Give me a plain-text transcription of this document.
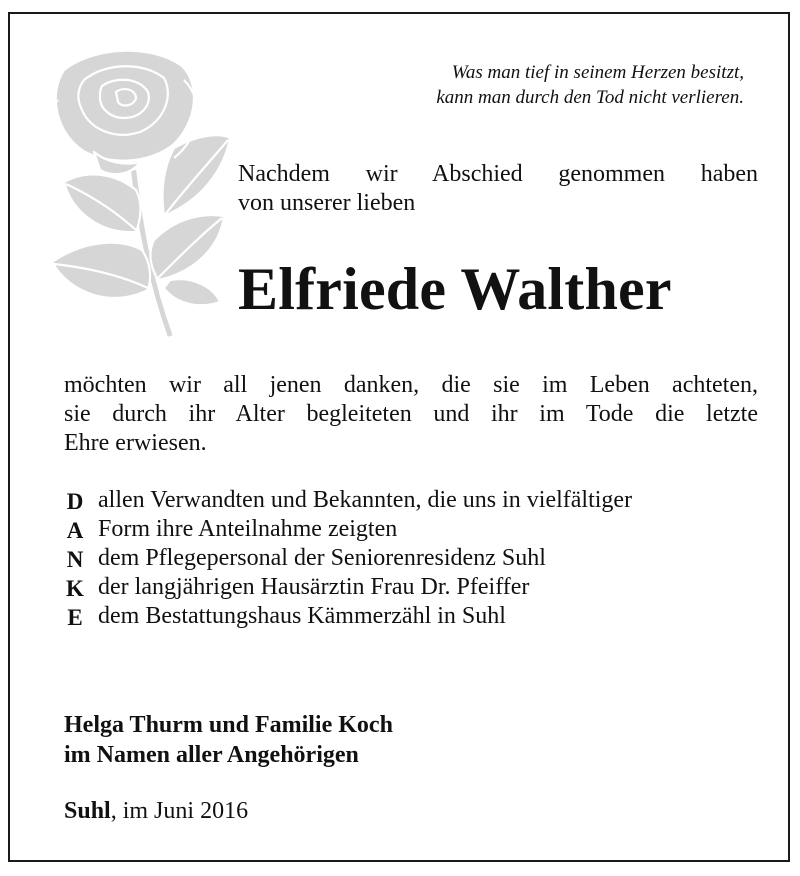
Was man tief in seinem Herzen besitzt,
kann man durch den Tod nicht verlieren.
Nachdem wir Abschied genommen haben
von unserer lieben
Elfriede Walther
möchten wir all jenen danken, die sie im Leben achteten,
sie durch ihr Alter begleiteten und ihr im Tode die letzte
Ehre erwiesen.
D allen Verwandten und Bekannten, die uns in vielfältiger
A Form ihre Anteilnahme zeigten
N dem Pflegepersonal der Seniorenresidenz Suhl
K der langjährigen Hausärztin Frau Dr. Pfeiffer
E dem Bestattungshaus Kämmerzähl in Suhl
Helga Thurm und Familie Koch
im Namen aller Angehörigen
Suhl, im Juni 2016
